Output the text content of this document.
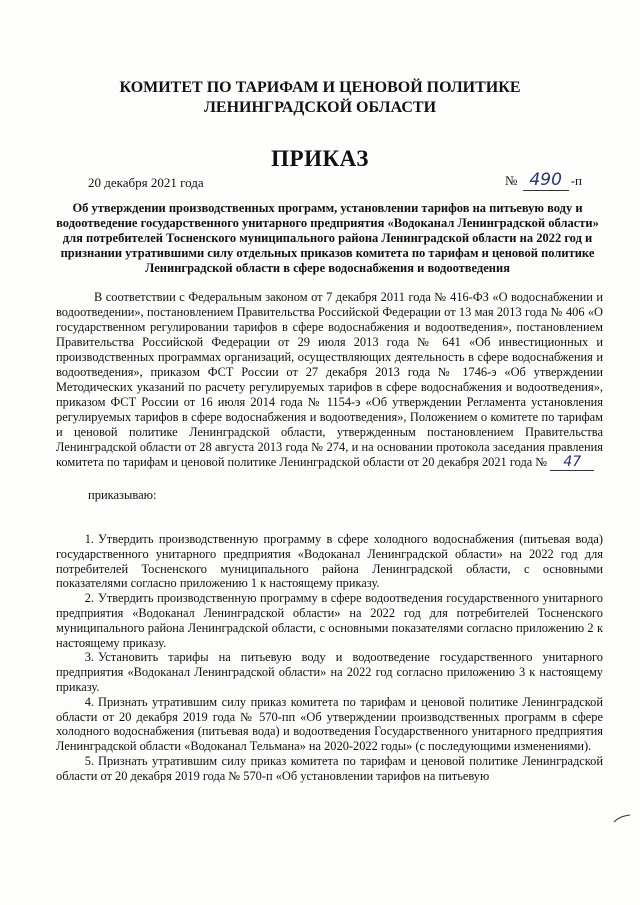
КОМИТЕТ ПО ТАРИФАМ И ЦЕНОВОЙ ПОЛИТИКЕ
ЛЕНИНГРАДСКОЙ ОБЛАСТИ
ПРИКАЗ
20 декабря 2021 года	№ 490 -п
Об утверждении производственных программ, установлении тарифов на питьевую воду и водоотведение государственного унитарного предприятия «Водоканал Ленинградской области» для потребителей Тосненского муниципального района Ленинградской области на 2022 год и признании утратившими силу отдельных приказов комитета по тарифам и ценовой политике Ленинградской области в сфере водоснабжения и водоотведения
В соответствии с Федеральным законом от 7 декабря 2011 года № 416-ФЗ «О водоснабжении и водоотведении», постановлением Правительства Российской Федерации от 13 мая 2013 года № 406 «О государственном регулировании тарифов в сфере водоснабжения и водоотведения», постановлением Правительства Российской Федерации от 29 июля 2013 года № 641 «Об инвестиционных и производственных программах организаций, осуществляющих деятельность в сфере водоснабжения и водоотведения», приказом ФСТ России от 27 декабря 2013 года № 1746-э «Об утверждении Методических указаний по расчету регулируемых тарифов в сфере водоснабжения и водоотведения», приказом ФСТ России от 16 июля 2014 года № 1154-э «Об утверждении Регламента установления регулируемых тарифов в сфере водоснабжения и водоотведения», Положением о комитете по тарифам и ценовой политике Ленинградской области, утвержденным постановлением Правительства Ленинградской области от 28 августа 2013 года № 274, и на основании протокола заседания правления комитета по тарифам и ценовой политике Ленинградской области от 20 декабря 2021 года № 47
приказываю:

1. Утвердить производственную программу в сфере холодного водоснабжения (питьевая вода) государственного унитарного предприятия «Водоканал Ленинградской области» на 2022 год для потребителей Тосненского муниципального района Ленинградской области, с основными показателями согласно приложению 1 к настоящему приказу.

2. Утвердить производственную программу в сфере водоотведения государственного унитарного предприятия «Водоканал Ленинградской области» на 2022 год для потребителей Тосненского муниципального района Ленинградской области, с основными показателями согласно приложению 2 к настоящему приказу.

3. Установить тарифы на питьевую воду и водоотведение государственного унитарного предприятия «Водоканал Ленинградской области» на 2022 год согласно приложению 3 к настоящему приказу.

4. Признать утратившим силу приказ комитета по тарифам и ценовой политике Ленинградской области от 20 декабря 2019 года № 570-пп «Об утверждении производственных программ в сфере холодного водоснабжения (питьевая вода) и водоотведения Государственного унитарного предприятия Ленинградской области «Водоканал Тельмана» на 2020-2022 годы» (с последующими изменениями).

5. Признать утратившим силу приказ комитета по тарифам и ценовой политике Ленинградской области от 20 декабря 2019 года № 570-п «Об установлении тарифов на питьевую
